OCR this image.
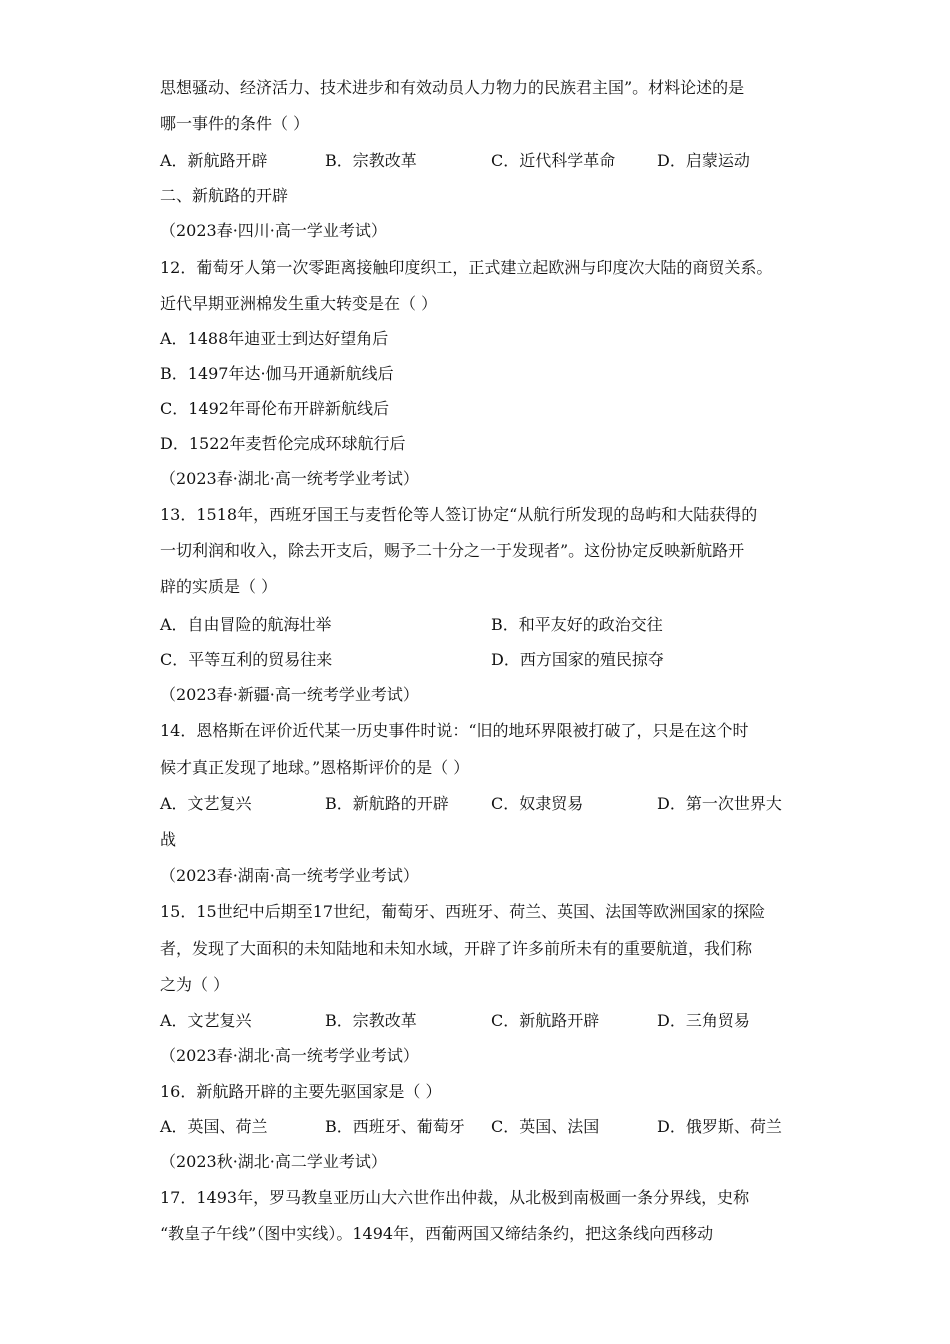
思想骚动、经济活力、技术进步和有效动员人力物力的民族君主国”。材料论述的是
哪一事件的条件（ ）
二、新航路的开辟
（2023春·四川·高一学业考试）
12．葡萄牙人第一次零距离接触印度织工，正式建立起欧洲与印度次大陆的商贸关系。
近代早期亚洲棉发生重大转变是在（ ）
A．1488年迪亚士到达好望角后
B．1497年达·伽马开通新航线后
C．1492年哥伦布开辟新航线后
D．1522年麦哲伦完成环球航行后
（2023春·湖北·高一统考学业考试）
13．1518年，西班牙国王与麦哲伦等人签订协定“从航行所发现的岛屿和大陆获得的
一切利润和收入，除去开支后，赐予二十分之一于发现者”。这份协定反映新航路开
辟的实质是（ ）
（2023春·新疆·高一统考学业考试）
14．恩格斯在评价近代某一历史事件时说：“旧的地环界限被打破了，只是在这个时
候才真正发现了地球。”恩格斯评价的是（ ）
战
（2023春·湖南·高一统考学业考试）
15．15世纪中后期至17世纪，葡萄牙、西班牙、荷兰、英国、法国等欧洲国家的探险
者，发现了大面积的未知陆地和未知水域，开辟了许多前所未有的重要航道，我们称
之为（ ）
（2023春·湖北·高一统考学业考试）
16．新航路开辟的主要先驱国家是（ ）
（2023秋·湖北·高二学业考试）
17．1493年，罗马教皇亚历山大六世作出仲裁，从北极到南极画一条分界线，史称
“教皇子午线”（图中实线）。1494年，西葡两国又缔结条约，把这条线向西移动
A．新航路开辟	B．宗教改革	C．近代科学革命	D．启蒙运动
A．自由冒险的航海壮举	B．和平友好的政治交往
C．平等互利的贸易往来	D．西方国家的殖民掠夺
A．文艺复兴	B．新航路的开辟	C．奴隶贸易	D．第一次世界大
A．文艺复兴	B．宗教改革	C．新航路开辟	D．三角贸易
A．英国、荷兰	B．西班牙、葡萄牙 C．英国、法国	D．俄罗斯、荷兰
